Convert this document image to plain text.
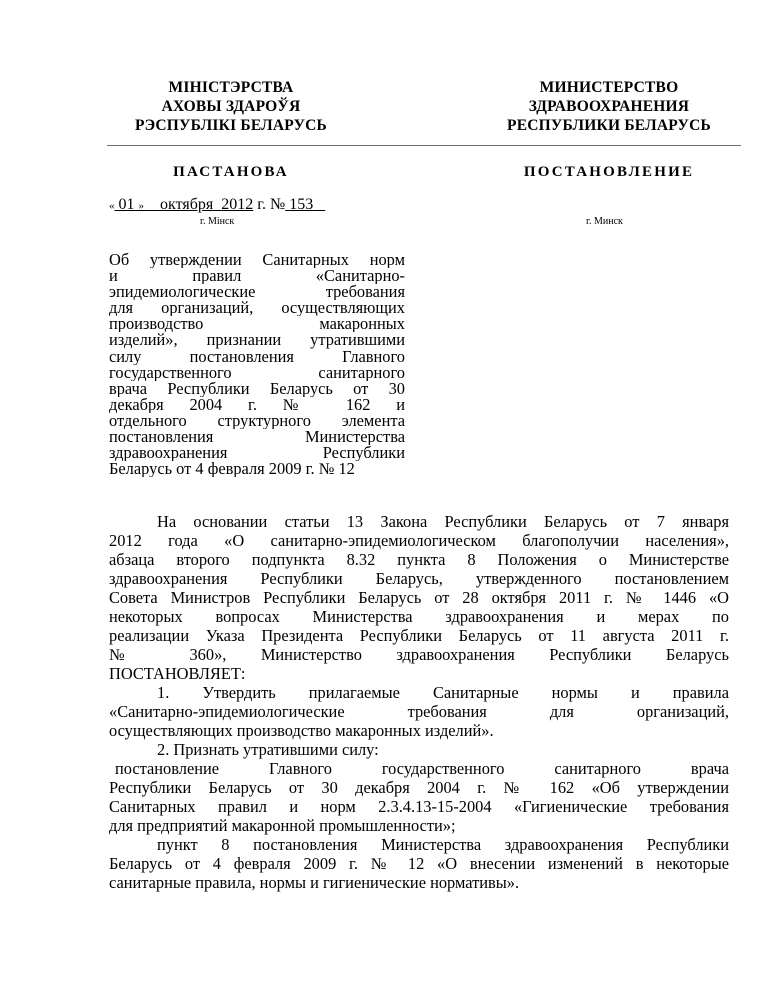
МІНІСТЭРСТВА
АХОВЫ ЗДАРОЎЯ
РЭСПУБЛІКІ БЕЛАРУСЬ
МИНИСТЕРСТВО
ЗДРАВООХРАНЕНИЯ
РЕСПУБЛИКИ БЕЛАРУСЬ
ПАСТАНОВА	ПОСТАНОВЛЕНИЕ
« 01 » октября 2012 г. № 153
г. Мінск	г. Минск
Об утверждении Санитарных норм
и правил «Санитарно-
эпидемиологические требования
для организаций, осуществляющих
производство макаронных
изделий», признании утратившими
силу постановления Главного
государственного санитарного
врача Республики Беларусь от 30
декабря 2004 г. № 162 и
отдельного структурного элемента
постановления Министерства
здравоохранения Республики
Беларусь от 4 февраля 2009 г. № 12
На основании статьи 13 Закона Республики Беларусь от 7 января
2012 года «О санитарно-эпидемиологическом благополучии населения»,
абзаца второго подпункта 8.32 пункта 8 Положения о Министерстве
здравоохранения Республики Беларусь, утвержденного постановлением
Совета Министров Республики Беларусь от 28 октября 2011 г. № 1446 «О
некоторых вопросах Министерства здравоохранения и мерах по
реализации Указа Президента Республики Беларусь от 11 августа 2011 г.
№ 360», Министерство здравоохранения Республики Беларусь
ПОСТАНОВЛЯЕТ:
1. Утвердить прилагаемые Санитарные нормы и правила
«Санитарно-эпидемиологические требования для организаций,
осуществляющих производство макаронных изделий».
2. Признать утратившими силу:
постановление Главного государственного санитарного врача
Республики Беларусь от 30 декабря 2004 г. № 162 «Об утверждении
Санитарных правил и норм 2.3.4.13-15-2004 «Гигиенические требования
для предприятий макаронной промышленности»;
пункт 8 постановления Министерства здравоохранения Республики
Беларусь от 4 февраля 2009 г. № 12 «О внесении изменений в некоторые
санитарные правила, нормы и гигиенические нормативы».
